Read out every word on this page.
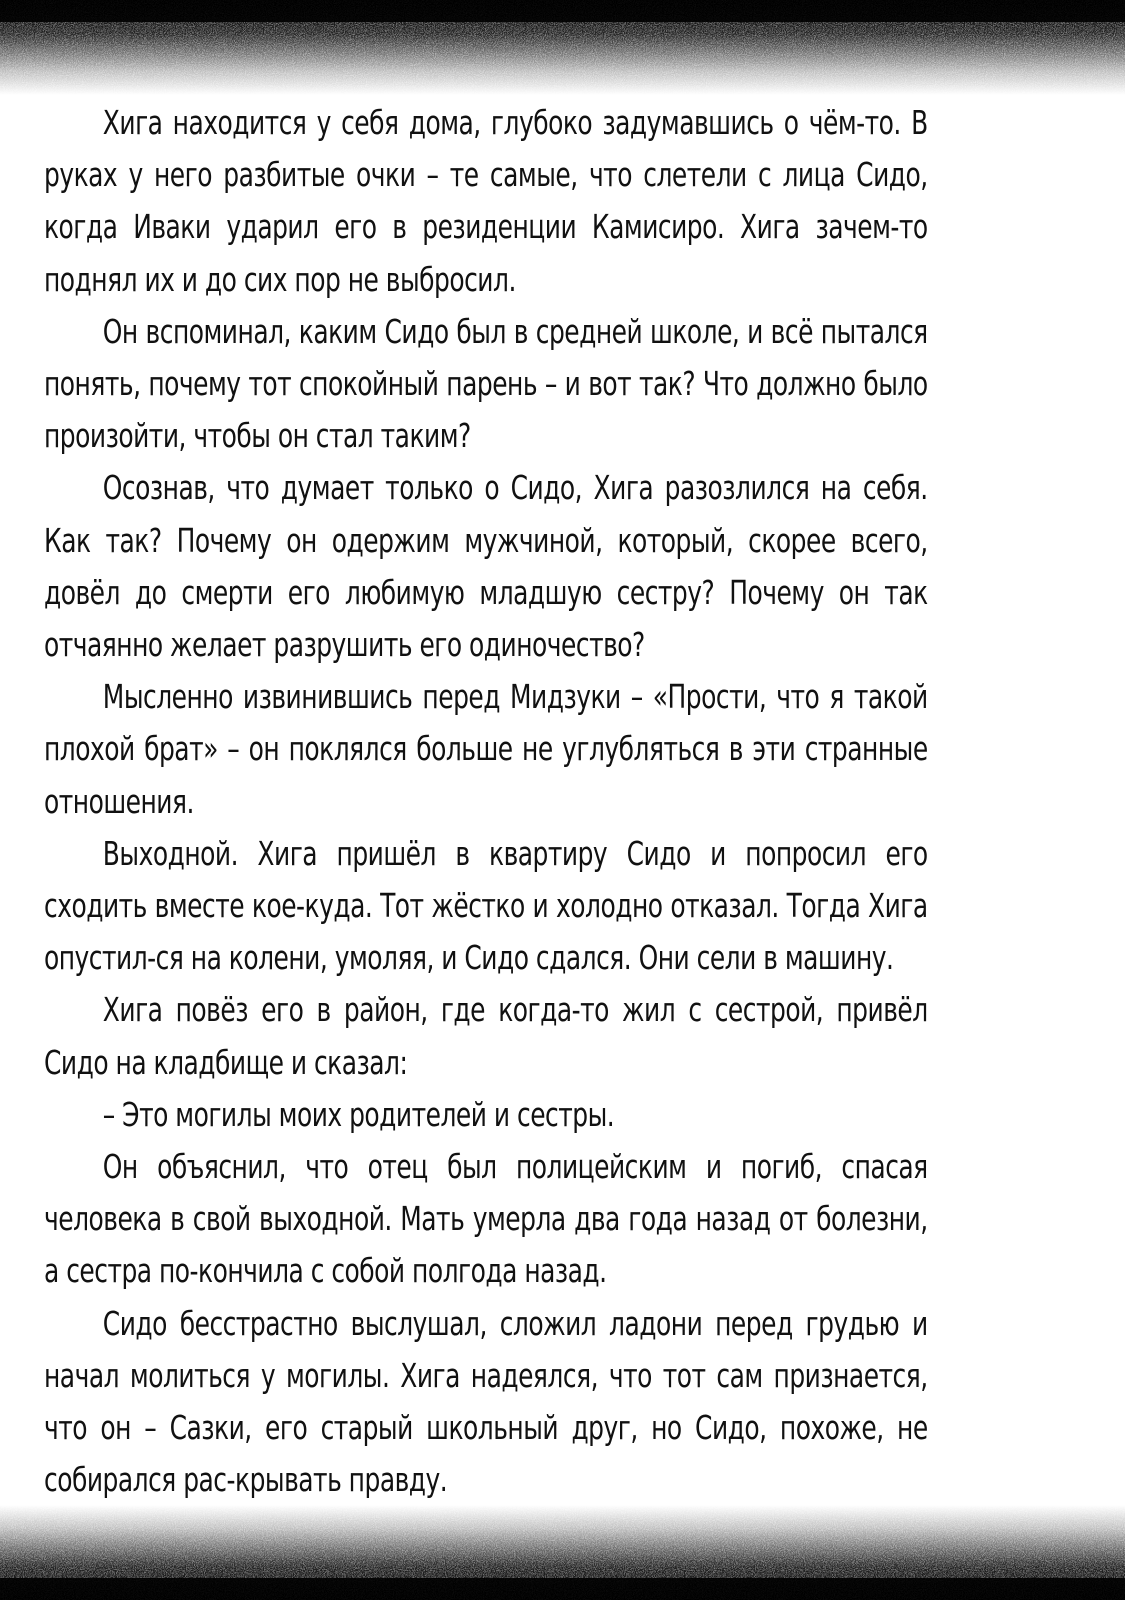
Хига находится у себя дома, глубоко задумавшись о чём-то. В руках у него разбитые очки – те самые, что слетели с лица Сидо, когда Иваки ударил его в резиденции Камисиро. Хига зачем-то поднял их и до сих пор не выбросил.

Он вспоминал, каким Сидо был в средней школе, и всё пытался понять, почему тот спокойный парень – и вот так? Что должно было произойти, чтобы он стал таким?

Осознав, что думает только о Сидо, Хига разозлился на себя. Как так? Почему он одержим мужчиной, который, скорее всего, довёл до смерти его любимую младшую сестру? Почему он так отчаянно желает разрушить его одиночество?

Мысленно извинившись перед Мидзуки – «Прости, что я такой плохой брат» – он поклялся больше не углубляться в эти странные отношения.

Выходной. Хига пришёл в квартиру Сидо и попросил его сходить вместе кое-куда. Тот жёстко и холодно отказал. Тогда Хига опустил-ся на колени, умоляя, и Сидо сдался. Они сели в машину.

Хига повёз его в район, где когда-то жил с сестрой, привёл Сидо на кладбище и сказал:

– Это могилы моих родителей и сестры.

Он объяснил, что отец был полицейским и погиб, спасая человека в свой выходной. Мать умерла два года назад от болезни, а сестра по-кончила с собой полгода назад.

Сидо бесстрастно выслушал, сложил ладони перед грудью и начал молиться у могилы. Хига надеялся, что тот сам признается, что он – Сазки, его старый школьный друг, но Сидо, похоже, не собирался рас-крывать правду.
